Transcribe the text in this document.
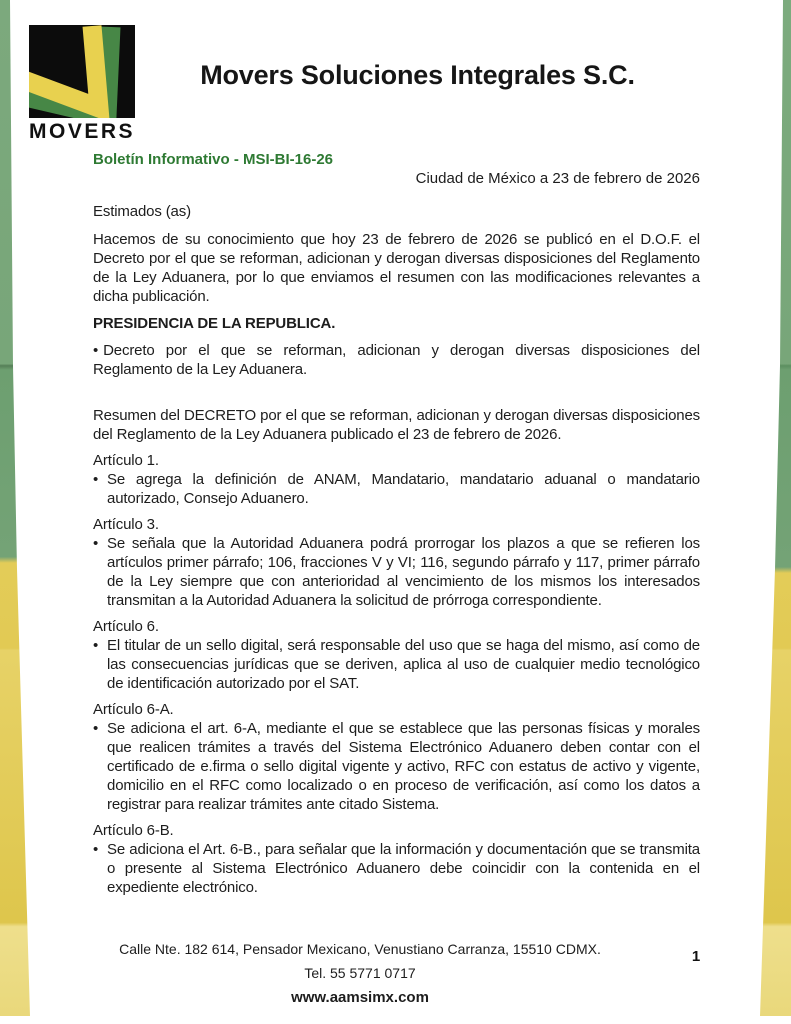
MOVERS
Movers Soluciones Integrales S.C.
Boletín Informativo - MSI-BI-16-26
Ciudad de México a 23 de febrero de 2026

Estimados (as)

Hacemos de su conocimiento que hoy 23 de febrero de 2026 se publicó en el D.O.F. el Decreto por el que se reforman, adicionan y derogan diversas disposiciones del Reglamento de la Ley Aduanera, por lo que enviamos el resumen con las modificaciones relevantes a dicha publicación.

PRESIDENCIA DE LA REPUBLICA.

• Decreto por el que se reforman, adicionan y derogan diversas disposiciones del Reglamento de la Ley Aduanera.

Resumen del DECRETO por el que se reforman, adicionan y derogan diversas disposiciones del Reglamento de la Ley Aduanera publicado el 23 de febrero de 2026.

Artículo 1.
• Se agrega la definición de ANAM, Mandatario, mandatario aduanal o mandatario autorizado, Consejo Aduanero.
Artículo 3.
• Se señala que la Autoridad Aduanera podrá prorrogar los plazos a que se refieren los artículos primer párrafo; 106, fracciones V y VI; 116, segundo párrafo y 117, primer párrafo de la Ley siempre que con anterioridad al vencimiento de los mismos los interesados transmitan a la Autoridad Aduanera la solicitud de prórroga correspondiente.
Artículo 6.
• El titular de un sello digital, será responsable del uso que se haga del mismo, así como de las consecuencias jurídicas que se deriven, aplica al uso de cualquier medio tecnológico de identificación autorizado por el SAT.
Artículo 6-A.
• Se adiciona el art. 6-A, mediante el que se establece que las personas físicas y morales que realicen trámites a través del Sistema Electrónico Aduanero deben contar con el certificado de e.firma o sello digital vigente y activo, RFC con estatus de activo y vigente, domicilio en el RFC como localizado o en proceso de verificación, así como los datos a registrar para realizar trámites ante citado Sistema.
Artículo 6-B.
• Se adiciona el Art. 6-B., para señalar que la información y documentación que se transmita o presente al Sistema Electrónico Aduanero debe coincidir con la contenida en el expediente electrónico.
Calle Nte. 182 614, Pensador Mexicano, Venustiano Carranza, 15510 CDMX.
Tel. 55 5771 0717
www.aamsimx.com
1
